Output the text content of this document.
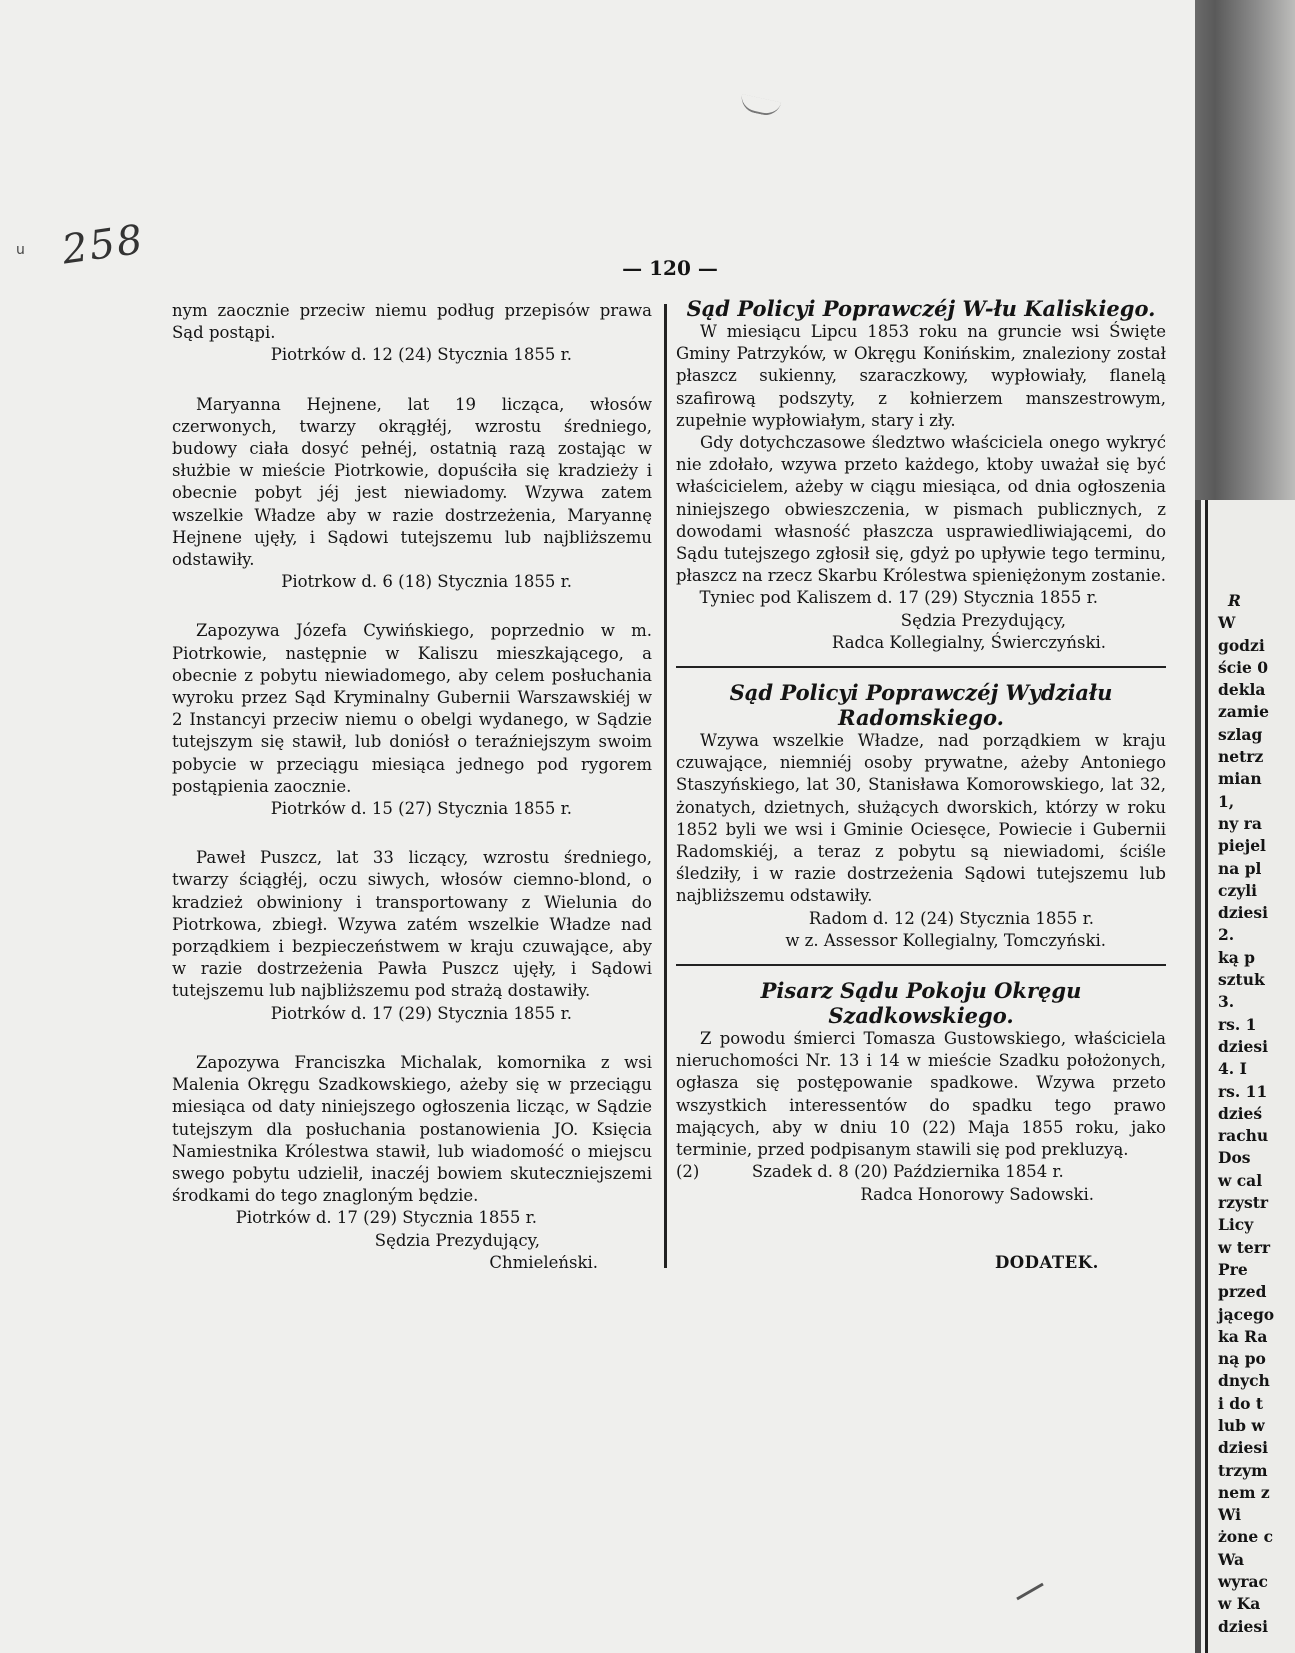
u 258	— 120 —

nym zaocznie przeciw niemu podług przepisów prawa Sąd postąpi.

Piotrków d. 12 (24) Stycznia 1855 r.

Maryanna Hejnene, lat 19 licząca, włosów czerwonych, twarzy okrągłéj, wzrostu średniego, budowy ciała dosyć pełnéj, ostatnią razą zostając w służbie w mieście Piotrkowie, dopuściła się kradzieży i obecnie pobyt jéj jest niewiadomy. Wzywa zatem wszelkie Władze aby w razie dostrzeżenia, Maryannę Hejnene ujęły, i Sądowi tutejszemu lub najbliższemu odstawiły.

Piotrkow d. 6 (18) Stycznia 1855 r.

Zapozywa Józefa Cywińskiego, poprzednio w m. Piotrkowie, następnie w Kaliszu mieszkającego, a obecnie z pobytu niewiadomego, aby celem posłuchania wyroku przez Sąd Kryminalny Gubernii Warszawskiéj w 2 Instancyi przeciw niemu o obelgi wydanego, w Sądzie tutejszym się stawił, lub doniósł o teraźniejszym swoim pobycie w przeciągu miesiąca jednego pod rygorem postąpienia zaocznie.

Piotrków d. 15 (27) Stycznia 1855 r.

Paweł Puszcz, lat 33 liczący, wzrostu średniego, twarzy ściągłéj, oczu siwych, włosów ciemno-blond, o kradzież obwiniony i transportowany z Wielunia do Piotrkowa, zbiegł. Wzywa zatém wszelkie Władze nad porządkiem i bezpieczeństwem w kraju czuwające, aby w razie dostrzeżenia Pawła Puszcz ujęły, i Sądowi tutejszemu lub najbliższemu pod strażą dostawiły.

Piotrków d. 17 (29) Stycznia 1855 r.

Zapozywa Franciszka Michalak, komornika z wsi Malenia Okręgu Szadkowskiego, ażeby się w przeciągu miesiąca od daty niniejszego ogłoszenia licząc, w Sądzie tutejszym dla posłuchania postanowienia JO. Księcia Namiestnika Królestwa stawił, lub wiadomość o miejscu swego pobytu udzielił, inaczéj bowiem skuteczniejszemi środkami do tego znagloným będzie.

Piotrków d. 17 (29) Stycznia 1855 r.

Sędzia Prezydujący,

Chmieleński.

Sąd Policyi Poprawczéj W-łu Kaliskiego.

W miesiącu Lipcu 1853 roku na gruncie wsi Święte Gminy Patrzyków, w Okręgu Konińskim, znaleziony został płaszcz sukienny, szaraczkowy, wypłowiały, flanelą szafirową podszyty, z kołnierzem manszestrowym, zupełnie wypłowiałym, stary i zły.

Gdy dotychczasowe śledztwo właściciela onego wykryć nie zdołało, wzywa przeto każdego, ktoby uważał się być właścicielem, ażeby w ciągu miesiąca, od dnia ogłoszenia niniejszego obwieszczenia, w pismach publicznych, z dowodami własność płaszcza usprawiedliwiającemi, do Sądu tutejszego zgłosił się, gdyż po upływie tego terminu, płaszcz na rzecz Skarbu Królestwa spieniężonym zostanie.

Tyniec pod Kaliszem d. 17 (29) Stycznia 1855 r.

Sędzia Prezydujący,

Radca Kollegialny, Świerczyński.

Sąd Policyi Poprawczéj Wydziału

Radomskiego.

Wzywa wszelkie Władze, nad porządkiem w kraju czuwające, niemniéj osoby prywatne, ażeby Antoniego Staszyńskiego, lat 30, Stanisława Komorowskiego, lat 32, żonatych, dzietnych, służących dworskich, którzy w roku 1852 byli we wsi i Gminie Ociesęce, Powiecie i Gubernii Radomskiéj, a teraz z pobytu są niewiadomi, ściśle śledziły, i w razie dostrzeżenia Sądowi tutejszemu lub najbliższemu odstawiły.

Radom d. 12 (24) Stycznia 1855 r.

w z. Assessor Kollegialny, Tomczyński.

Pisarz Sądu Pokoju Okręgu

Szadkowskiego.

Z powodu śmierci Tomasza Gustowskiego, właściciela nieruchomości Nr. 13 i 14 w mieście Szadku położonych, ogłasza się postępowanie spadkowe. Wzywa przeto wszystkich interessentów do spadku tego prawo mających, aby w dniu 10 (22) Maja 1855 roku, jako terminie, przed podpisanym stawili się pod prekluzyą.

(2)          Szadek d. 8 (20) Października 1854 r.

Radca Honorowy Sadowski.

DODATEK.

R

W

godzi

ście 0

dekla

zamie

szlag

netrz

mian

1,

ny ra

piejel

na pl

czyli

dziesi

2.

ką p

sztuk

3.

rs. 1

dziesi

4. I

rs. 11

dzieś

rachu

Dos

w cal

rzystr

Licy

w terr

Pre

przed

jącego

ka Ra

ną po

dnych

i do t

lub w

dziesi

trzym

nem z

Wi

żone c

Wa

wyrac

w Ka

dziesi
